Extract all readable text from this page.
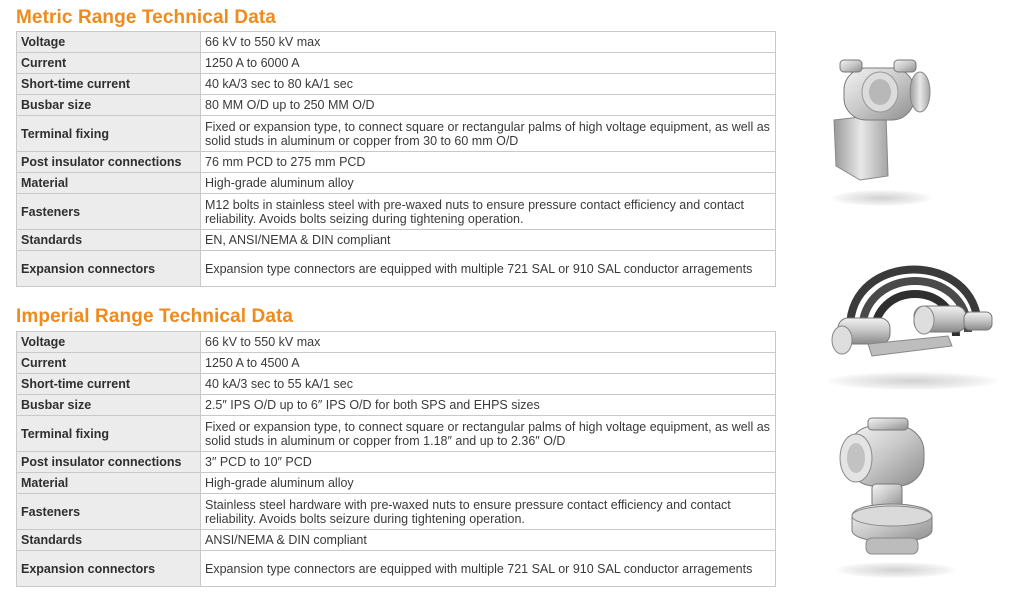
Metric Range Technical Data
Voltage	66 kV to 550 kV max
Current	1250 A to 6000 A
Short-time current	40 kA/3 sec to 80 kA/1 sec
Busbar size	80 MM O/D up to 250 MM O/D
Terminal fixing	Fixed or expansion type, to connect square or rectangular palms of high voltage equipment, as well as solid studs in aluminum or copper from 30 to 60 mm O/D
Post insulator connections	76 mm PCD to 275 mm PCD
Material	High-grade aluminum alloy
Fasteners	M12 bolts in stainless steel with pre-waxed nuts to ensure pressure contact efficiency and contact reliability. Avoids bolts seizing during tightening operation.
Standards	EN, ANSI/NEMA & DIN compliant
Expansion connectors	Expansion type connectors are equipped with multiple 721 SAL or 910 SAL conductor arragements
Imperial Range Technical Data
Voltage	66 kV to 550 kV max
Current	1250 A to 4500 A
Short-time current	40 kA/3 sec to 55 kA/1 sec
Busbar size	2.5″ IPS O/D up to 6″ IPS O/D for both SPS and EHPS sizes
Terminal fixing	Fixed or expansion type, to connect square or rectangular palms of high voltage equipment, as well as solid studs in aluminum or copper from 1.18″ and up to 2.36″ O/D
Post insulator connections	3″ PCD to 10″ PCD
Material	High-grade aluminum alloy
Fasteners	Stainless steel hardware with pre-waxed nuts to ensure pressure contact efficiency and contact reliability. Avoids bolts seizure during tightening operation.
Standards	ANSI/NEMA & DIN compliant
Expansion connectors	Expansion type connectors are equipped with multiple 721 SAL or 910 SAL conductor arragements
